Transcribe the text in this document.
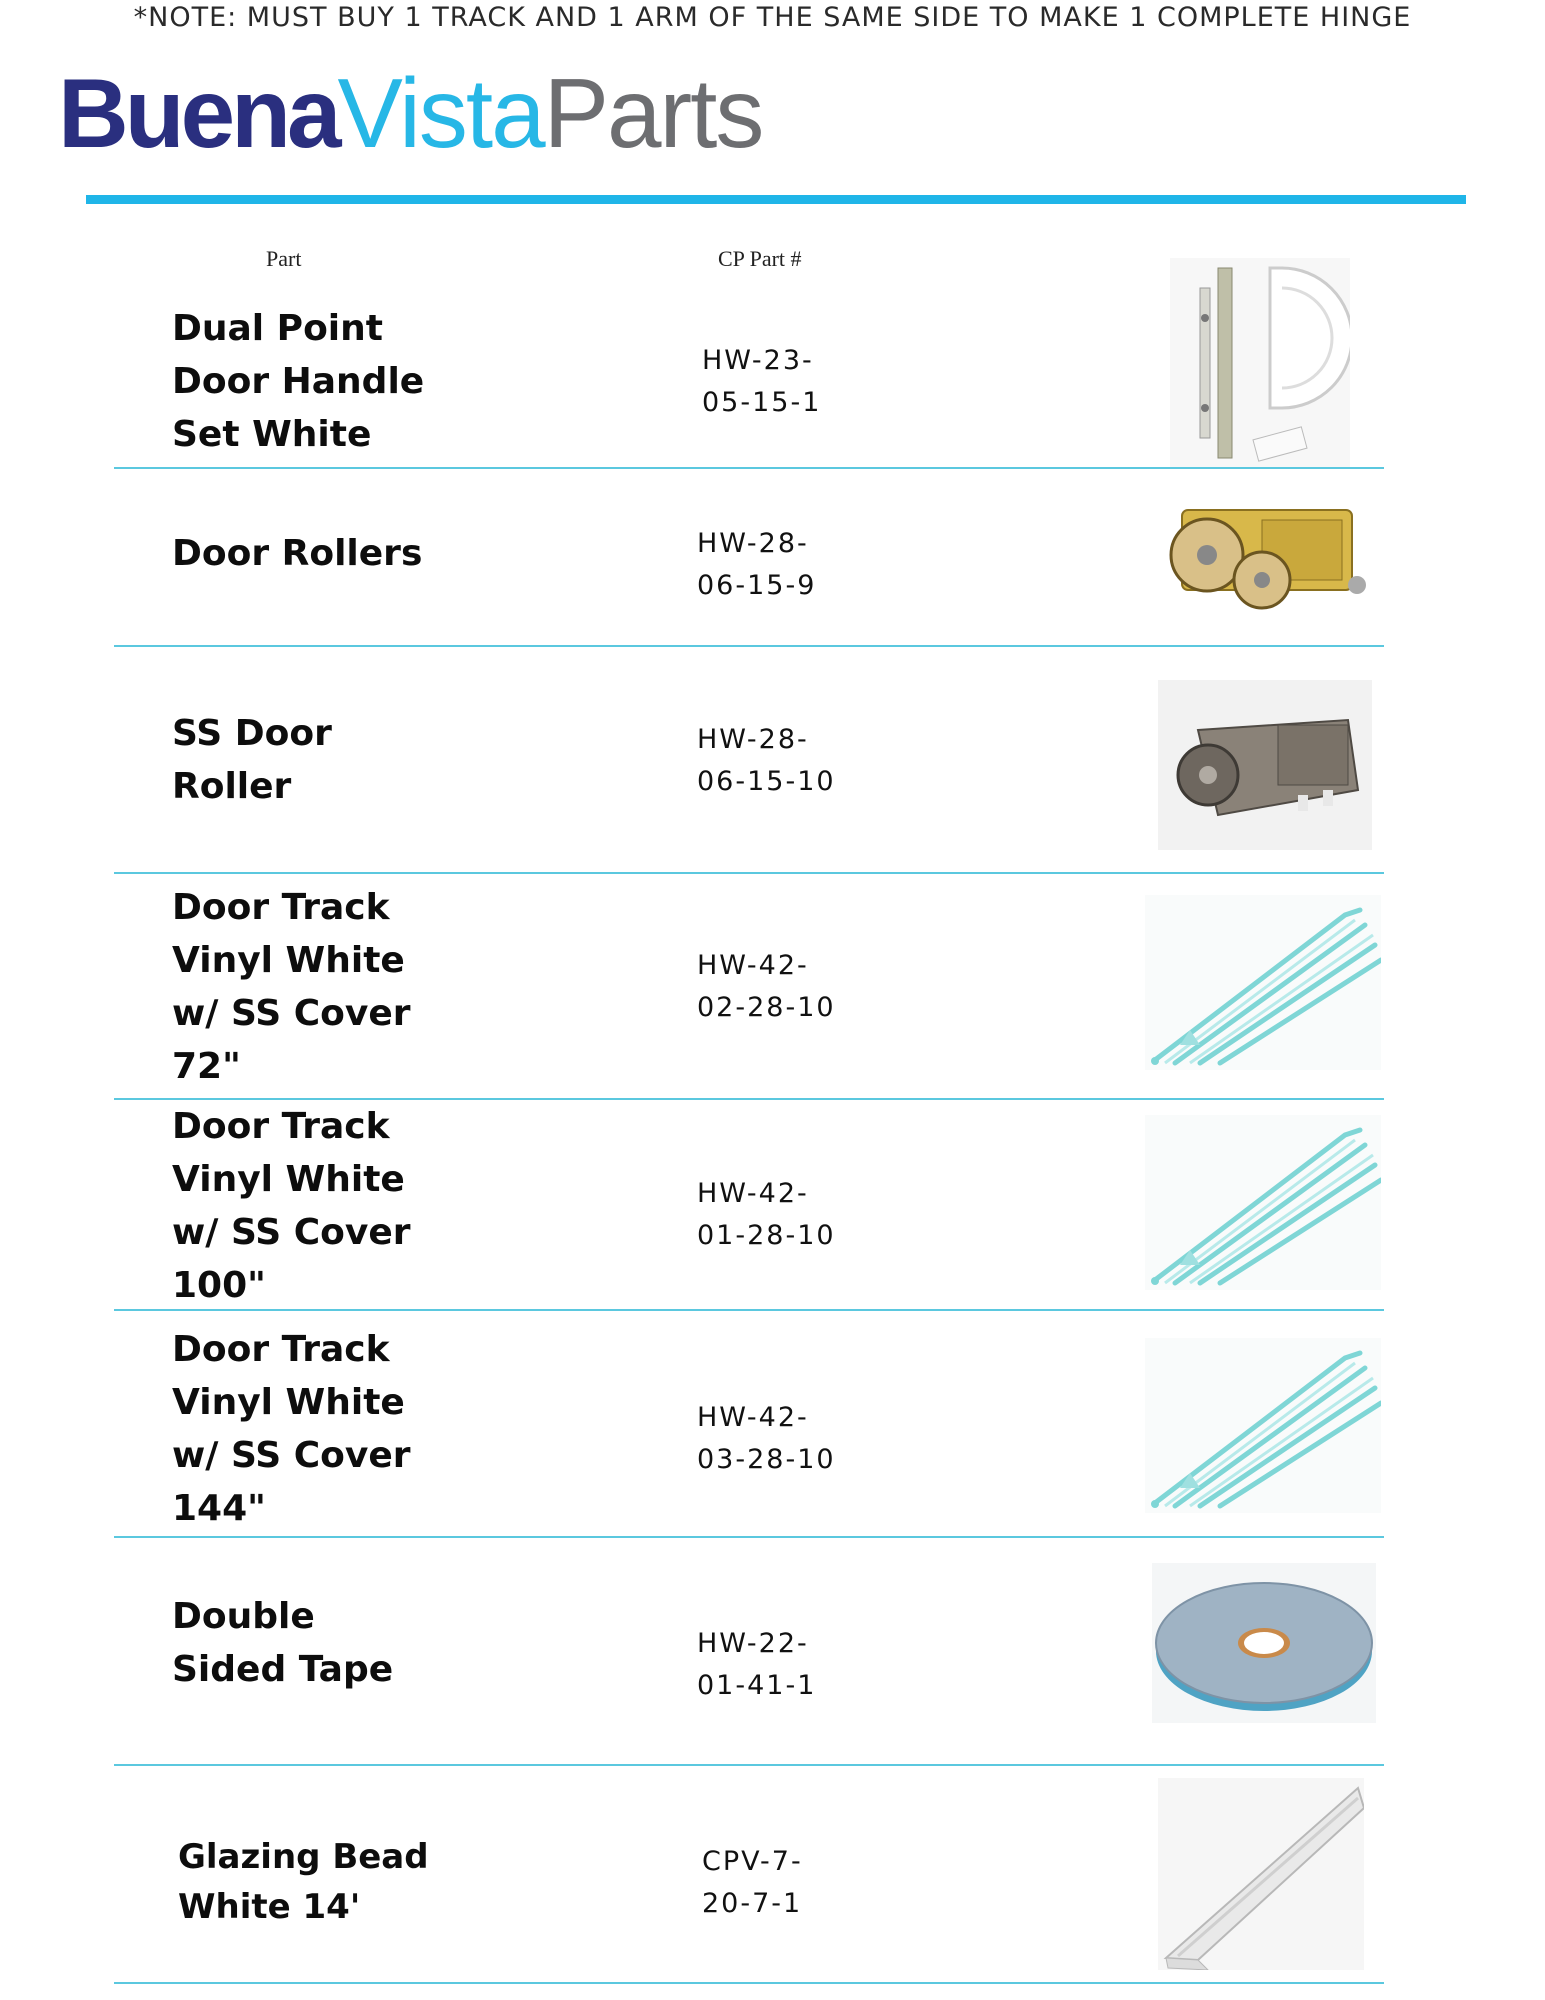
*NOTE: MUST BUY 1 TRACK AND 1 ARM OF THE SAME SIDE TO MAKE 1 COMPLETE HINGE
BuenaVistaParts
Part	CP Part #
Dual Point
Door Handle
Set White
HW-23-
05-15-1
Door Rollers	HW-28-
06-15-9
SS Door
Roller
HW-28-
06-15-10
Door Track
Vinyl White
w/ SS Cover
72"
HW-42-
02-28-10
Door Track
Vinyl White
w/ SS Cover
100"
HW-42-
01-28-10
Door Track
Vinyl White
w/ SS Cover
144"
HW-42-
03-28-10
Double
Sided Tape
HW-22-
01-41-1
Glazing Bead
White 14'
CPV-7-
20-7-1
